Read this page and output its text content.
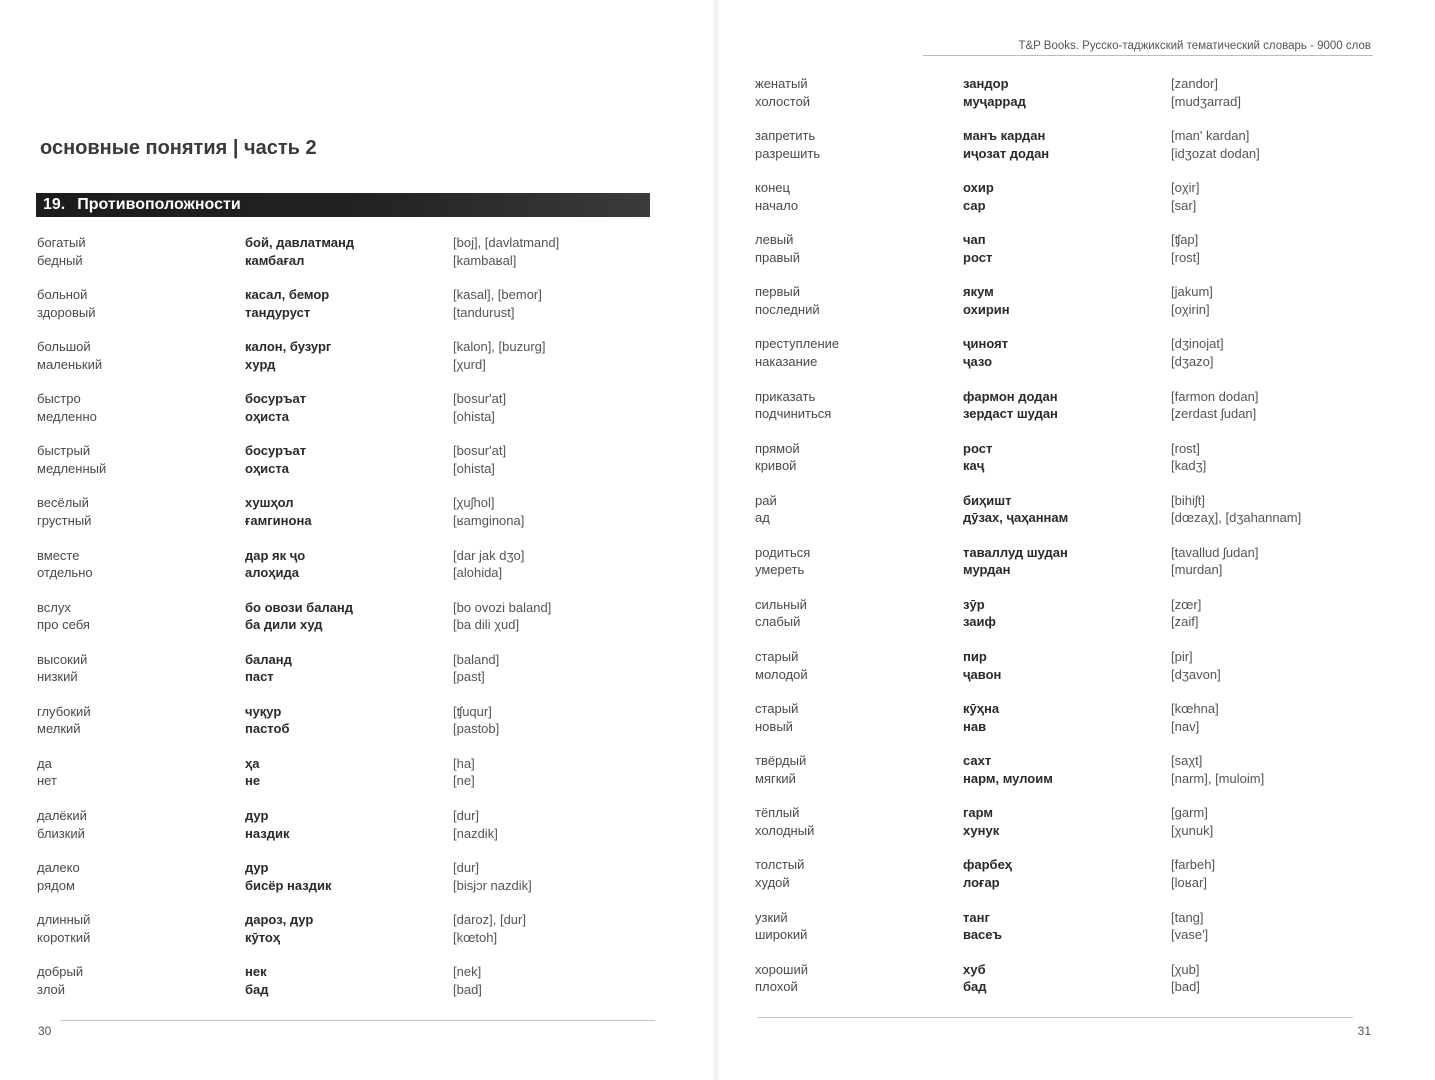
основные понятия | часть 2
19. Противоположности
богатый
бедный
бой, давлатманд
камбағал
[boj], [davlatmand]
[kambaʁal]
больной
здоровый
касал, бемор
тандуруст
[kasal], [bemor]
[tandurust]
большой
маленький
калон, бузург
хурд
[kalon], [buzurg]
[χurd]
быстро
медленно
босуръат
оҳиста
[bosur'at]
[ohista]
быстрый
медленный
босуръат
оҳиста
[bosur'at]
[ohista]
весёлый
грустный
хушҳол
ғамгинона
[χuʃhol]
[ʁamginona]
вместе
отдельно
дар як ҷо
алоҳида
[dar jak dʒo]
[alohida]
вслух
про себя
бо овози баланд
ба дили худ
[bo ovozi baland]
[ba dili χud]
высокий
низкий
баланд
паст
[baland]
[past]
глубокий
мелкий
чуқур
пастоб
[ʧuqur]
[pastob]
да
нет
ҳа
не
[ha]
[ne]
далёкий
близкий
дур
наздик
[dur]
[nazdik]
далеко
рядом
дур
бисёр наздик
[dur]
[bisjɔr nazdik]
длинный
короткий
дароз, дур
кӯтоҳ
[daroz], [dur]
[kœtoh]
добрый
злой
нек
бад
[nek]
[bad]
30
T&P Books. Русско-таджикский тематический словарь - 9000 слов
женатый
холостой
зандор
муҷаррад
[zandor]
[mudʒarrad]
запретить
разрешить
манъ кардан
иҷозат додан
[man' kardan]
[idʒozat dodan]
конец
начало
охир
сар
[oχir]
[sar]
левый
правый
чап
рост
[ʧap]
[rost]
первый
последний
якум
охирин
[jakum]
[oχirin]
преступление
наказание
ҷиноят
ҷазо
[dʒinojat]
[dʒazo]
приказать
подчиниться
фармон додан
зердаст шудан
[farmon dodan]
[zerdast ʃudan]
прямой
кривой
рост
каҷ
[rost]
[kadʒ]
рай
ад
биҳишт
дӯзах, ҷаҳаннам
[bihiʃt]
[dœzaχ], [dʒahannam]
родиться
умереть
таваллуд шудан
мурдан
[tavallud ʃudan]
[murdan]
сильный
слабый
зӯр
заиф
[zœr]
[zaif]
старый
молодой
пир
ҷавон
[pir]
[dʒavon]
старый
новый
кӯҳна
нав
[kœhna]
[nav]
твёрдый
мягкий
сахт
нарм, мулоим
[saχt]
[narm], [muloim]
тёплый
холодный
гарм
хунук
[garm]
[χunuk]
толстый
худой
фарбеҳ
лоғар
[farbeh]
[loʁar]
узкий
широкий
танг
васеъ
[tang]
[vase']
хороший
плохой
хуб
бад
[χub]
[bad]
31
